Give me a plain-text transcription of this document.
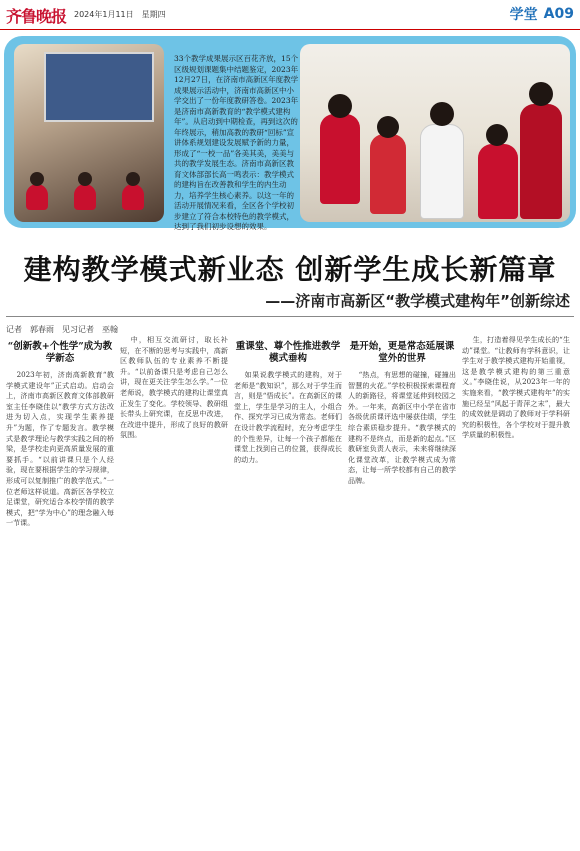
齐鲁晚报 2024年1月11日　星期四	学堂 A09
33个教学成果展示区百花齐放，15个区级规划课题集中结题鉴定，2023年12月27日，在济南市高新区年度教学成果展示活动中，济南市高新区中小学交出了一份年度教研答卷。2023年是济南市高新教育的“教学模式建构年”。从启动到中期检查，再到这次的年终展示，稍加高教的教研“回标”宣讲体系规划建设发展赋予新的力量，形成了“一校一品”各美其美，美美与共的教学发展生态。济南市高新区教育文体部部长高一鸣表示：教学模式的建构旨在改善教和学生的内生动力，培养学生核心素养。以这一年的活动开展情况来看，全区各个学校初步建立了符合本校特色的教学模式，达到了我们初步设想的效果。
建构教学模式新业态 创新学生成长新篇章
——济南市高新区“教学模式建构年”创新综述
记者　郭春雨　见习记者　巫翰
“创新教+个性学”成为教学新态

2023年初，济南高新教育“教学模式建设年”正式启动。启动会上，济南市高新区教育文体部教研室主任李晓佳以“教学方式方法改进为切入点，实现学生素养提升”为题，作了专题发言。教学模式是教学理论与教学实践之间的桥梁，是学校走向更高质量发展的重要抓手。“以前讲课只是个人经验，现在要根据学生的学习规律，形成可以复制推广的教学范式。”一位老师这样说道。高新区各学校立足课堂，研究适合本校学情的教学模式，把“学为中心”的理念融入每一节课。

中，相互交流研讨，取长补短，在不断的思考与实践中，高新区教师队伍的专业素养不断提升。“以前备课只是考虑自己怎么讲，现在更关注学生怎么学。”一位老师说，教学模式的建构让课堂真正发生了变化。学校领导、教研组长带头上研究课，在反思中改进，在改进中提升，形成了良好的教研氛围。

重课堂、尊个性推进教学模式垂构

如果说教学模式的建构，对于老师是“教知识”，那么对于学生而言，则是“悟成长”。在高新区的课堂上，学生是学习的主人，小组合作、探究学习已成为常态。老师们在设计教学流程时，充分考虑学生的个性差异，让每一个孩子都能在课堂上找到自己的位置，获得成长的动力。

是开始，更是常态延展课堂外的世界

“热点，有思想的碰撞，碰撞出智慧的火花。”学校积极探索课程育人的新路径，将课堂延伸到校园之外。一年来，高新区中小学在省市各级优质课评选中屡获佳绩，学生综合素质稳步提升。“教学模式的建构不是终点，而是新的起点。”区教研室负责人表示，未来将继续深化课堂改革，让教学模式成为常态，让每一所学校都有自己的教学品牌。

生，打造着得见学生成长的“生动”课堂。“让教师有学科意识，让学生对于教学模式建构开始重视，这是教学模式建构的第三重意义。”李晓佳说，从2023年一年的实施来看，“教学模式建构年”的实施已经呈“风起于青萍之末”，最大的成效就是调动了教师对于学科研究的积极性，各个学校对于提升教学质量的积极性。
